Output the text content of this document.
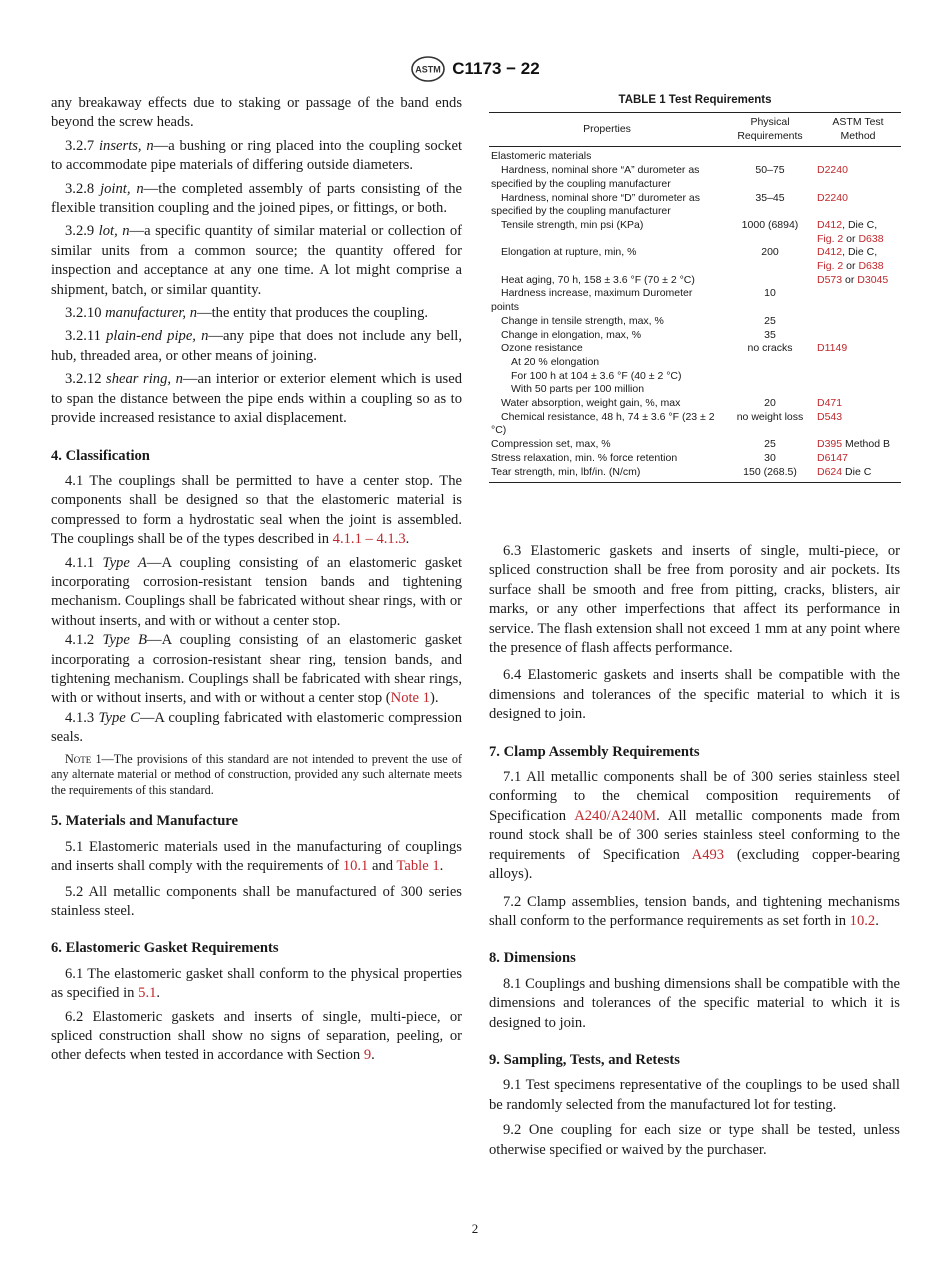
ASTM C1173 − 22

any breakaway effects due to staking or passage of the band ends beyond the screw heads.

3.2.7 inserts, n—a bushing or ring placed into the coupling socket to accommodate pipe materials of differing outside diameters.

3.2.8 joint, n—the completed assembly of parts consisting of the flexible transition coupling and the joined pipes, or fittings, or both.

3.2.9 lot, n—a specific quantity of similar material or collection of similar units from a common source; the quantity offered for inspection and acceptance at any one time. A lot might comprise a shipment, batch, or similar quantity.

3.2.10 manufacturer, n—the entity that produces the coupling.

3.2.11 plain-end pipe, n—any pipe that does not include any bell, hub, threaded area, or other means of joining.

3.2.12 shear ring, n—an interior or exterior element which is used to span the distance between the pipe ends within a coupling so as to provide increased resistance to axial displacement.

4. Classification

4.1 The couplings shall be permitted to have a center stop. The components shall be designed so that the elastomeric material is compressed to form a hydrostatic seal when the joint is assembled. The couplings shall be of the types described in 4.1.1 – 4.1.3.

4.1.1 Type A—A coupling consisting of an elastomeric gasket incorporating corrosion-resistant tension bands and tightening mechanism. Couplings shall be fabricated without shear rings, with or without inserts, and with or without a center stop.

4.1.2 Type B—A coupling consisting of an elastomeric gasket incorporating a corrosion-resistant shear ring, tension bands, and tightening mechanism. Couplings shall be fabricated with shear rings, with or without inserts, and with or without a center stop (Note 1).

4.1.3 Type C—A coupling fabricated with elastomeric compression seals.

Note 1—The provisions of this standard are not intended to prevent the use of any alternate material or method of construction, provided any such alternate meets the requirements of this standard.

5. Materials and Manufacture

5.1 Elastomeric materials used in the manufacturing of couplings and inserts shall comply with the requirements of 10.1 and Table 1.

5.2 All metallic components shall be manufactured of 300 series stainless steel.

6. Elastomeric Gasket Requirements

6.1 The elastomeric gasket shall conform to the physical properties as specified in 5.1.

6.2 Elastomeric gaskets and inserts of single, multi-piece, or spliced construction shall show no signs of separation, peeling, or other defects when tested in accordance with Section 9.

TABLE 1 Test Requirements
Properties	Physical Requirements	ASTM Test Method
Elastomeric materials		
Hardness, nominal shore “A” durometer as specified by the coupling manufacturer	50–75	D2240
Hardness, nominal shore “D” durometer as specified by the coupling manufacturer	35–45	D2240
Tensile strength, min psi (KPa)	1000 (6894)	D412, Die C,
Fig. 2 or D638
Elongation at rupture, min, %	200	D412, Die C,
Fig. 2 or D638
Heat aging, 70 h, 158 ± 3.6 °F (70 ± 2 °C)		D573 or D3045
Hardness increase, maximum Durometer points	10	
Change in tensile strength, max, %	25	
Change in elongation, max, %	35	
Ozone resistance	no cracks	D1149
At 20 % elongation		
For 100 h at 104 ± 3.6 °F (40 ± 2 °C)		
With 50 parts per 100 million		
Water absorption, weight gain, %, max	20	D471
Chemical resistance, 48 h, 74 ± 3.6 °F (23 ± 2 °C)	no weight loss	D543
Compression set, max, %	25	D395 Method B
Stress relaxation, min. % force retention	30	D6147
Tear strength, min, lbf/in. (N/cm)	150 (268.5)	D624 Die C

6.3 Elastomeric gaskets and inserts of single, multi-piece, or spliced construction shall be free from porosity and air pockets. Its surface shall be smooth and free from pitting, cracks, blisters, air marks, or any other imperfections that affect its performance in service. The flash extension shall not exceed 1 mm at any point where the presence of flash affects performance.

6.4 Elastomeric gaskets and inserts shall be compatible with the dimensions and tolerances of the specific material to which it is designed to join.

7. Clamp Assembly Requirements

7.1 All metallic components shall be of 300 series stainless steel conforming to the chemical composition requirements of Specification A240/A240M. All metallic components made from round stock shall be of 300 series stainless steel conforming to the requirements of Specification A493 (excluding copper-bearing alloys).

7.2 Clamp assemblies, tension bands, and tightening mechanisms shall conform to the performance requirements as set forth in 10.2.

8. Dimensions

8.1 Couplings and bushing dimensions shall be compatible with the dimensions and tolerances of the specific material to which it is designed to join.

9. Sampling, Tests, and Retests

9.1 Test specimens representative of the couplings to be used shall be randomly selected from the manufactured lot for testing.

9.2 One coupling for each size or type shall be tested, unless otherwise specified or waived by the purchaser.

2
